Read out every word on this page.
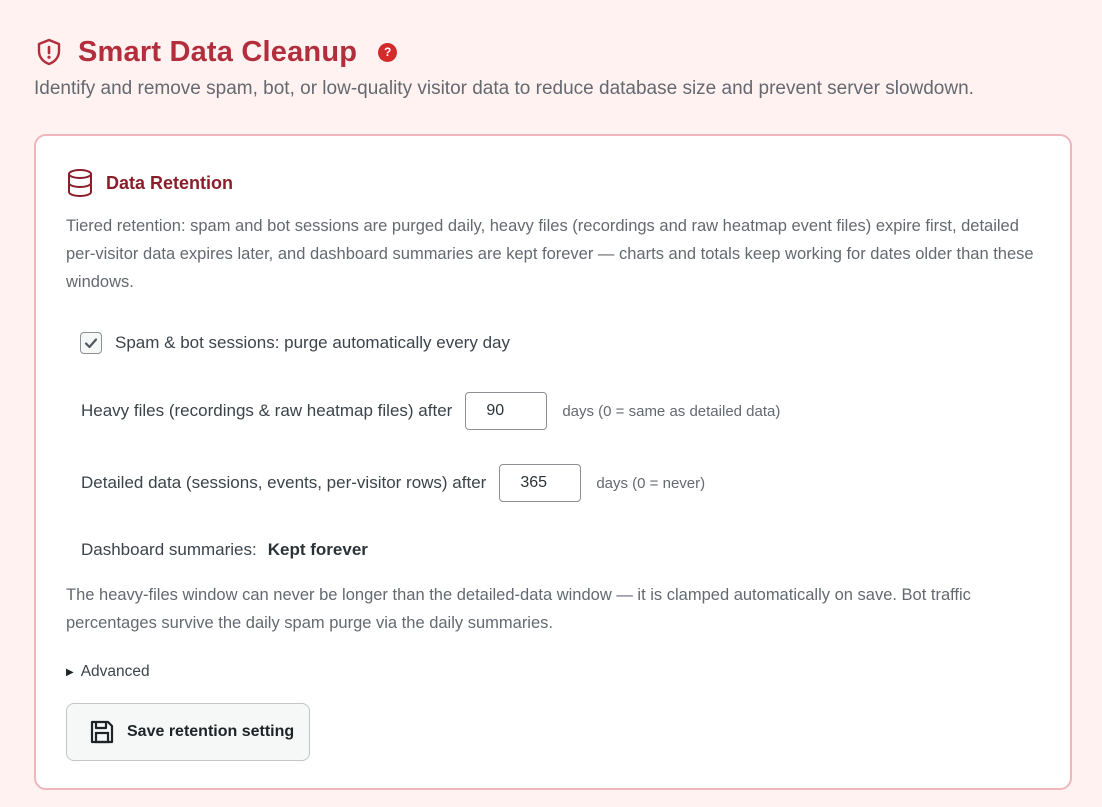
Smart Data Cleanup	?

Identify and remove spam, bot, or low-quality visitor data to reduce database size and prevent server slowdown.

Data Retention

Tiered retention: spam and bot sessions are purged daily, heavy files (recordings and raw heatmap event files) expire first, detailed per-visitor data expires later, and dashboard summaries are kept forever — charts and totals keep working for dates older than these windows.

Spam & bot sessions: purge automatically every day
Heavy files (recordings & raw heatmap files) after
90	days (0 = same as detailed data)
Detailed data (sessions, events, per-visitor rows) after
365	days (0 = never)
Dashboard summaries: Kept forever

The heavy-files window can never be longer than the detailed-data window — it is clamped automatically on save. Bot traffic percentages survive the daily spam purge via the daily summaries.

▶ Advanced
Save retention setting
